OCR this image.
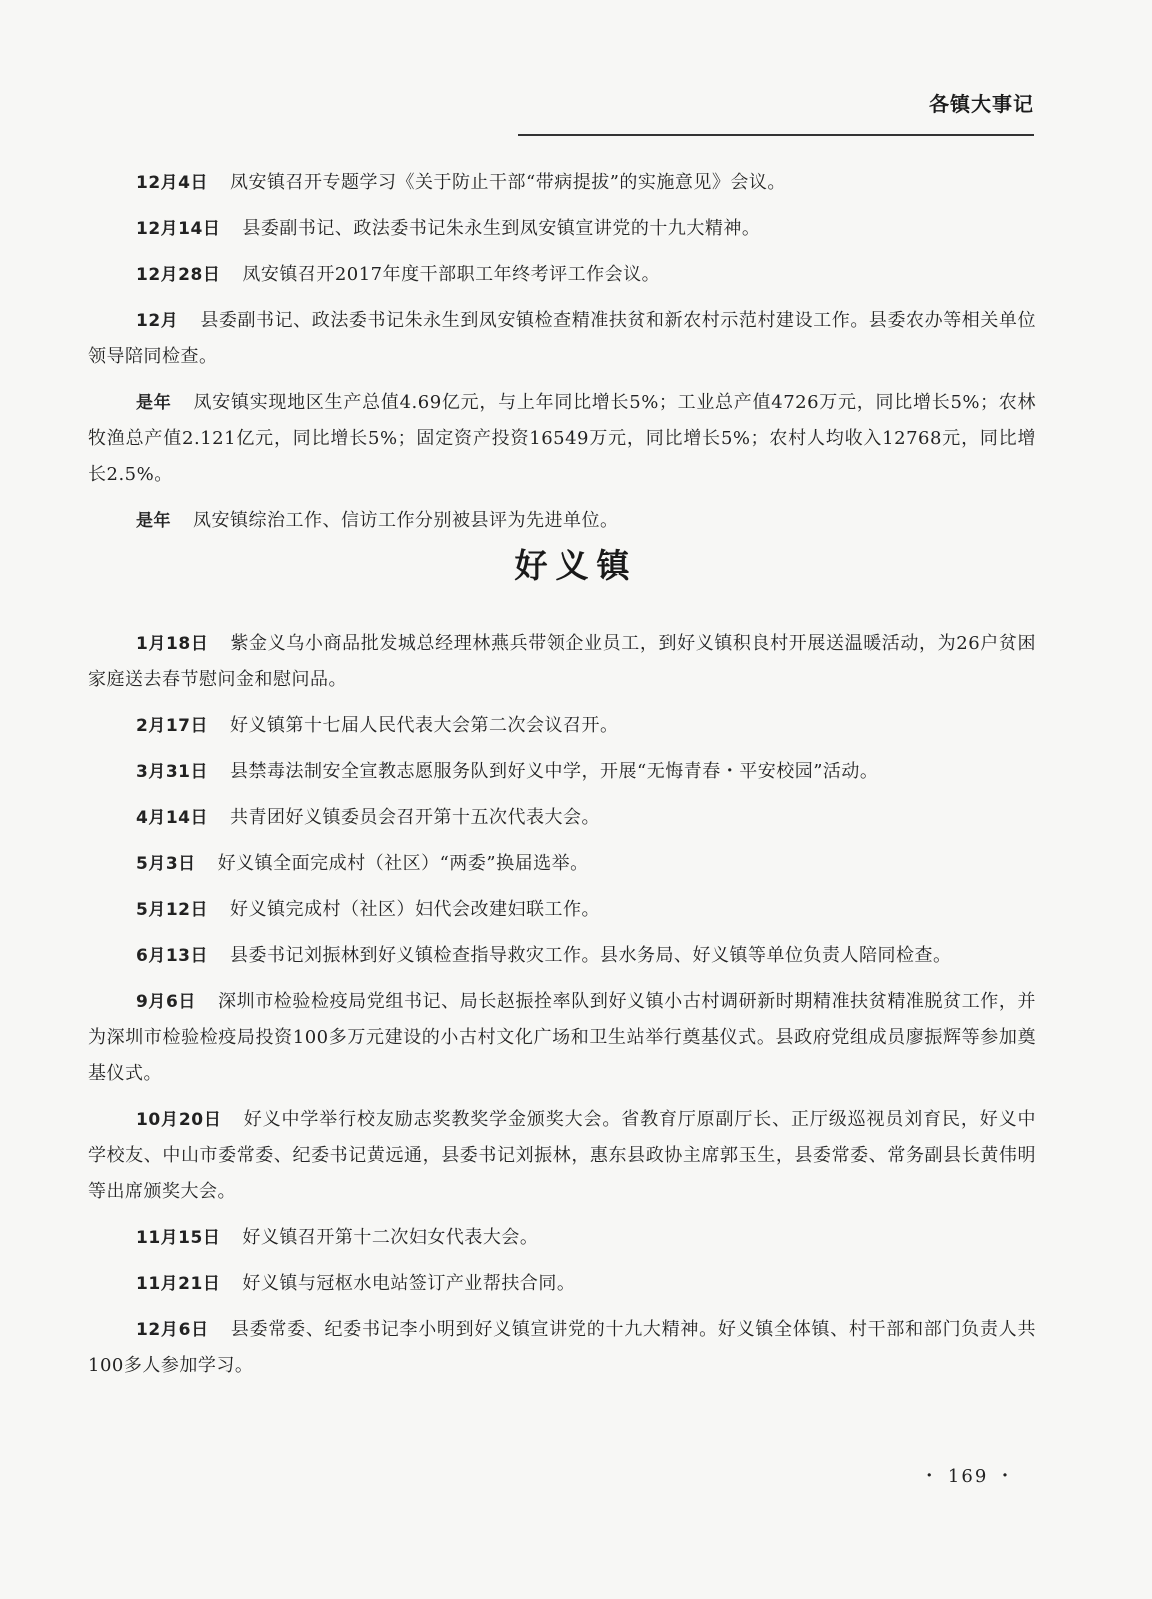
各镇大事记

12月4日 凤安镇召开专题学习《关于防止干部“带病提拔”的实施意见》会议。

12月14日 县委副书记、政法委书记朱永生到凤安镇宣讲党的十九大精神。

12月28日 凤安镇召开2017年度干部职工年终考评工作会议。

12月 县委副书记、政法委书记朱永生到凤安镇检查精准扶贫和新农村示范村建设工作。县委农办等相关单位领导陪同检查。

是年 凤安镇实现地区生产总值4.69亿元，与上年同比增长5%；工业总产值4726万元，同比增长5%；农林牧渔总产值2.121亿元，同比增长5%；固定资产投资16549万元，同比增长5%；农村人均收入12768元，同比增长2.5%。

是年 凤安镇综治工作、信访工作分别被县评为先进单位。

好义镇

1月18日 紫金义乌小商品批发城总经理林燕兵带领企业员工，到好义镇积良村开展送温暖活动，为26户贫困家庭送去春节慰问金和慰问品。

2月17日 好义镇第十七届人民代表大会第二次会议召开。

3月31日 县禁毒法制安全宣教志愿服务队到好义中学，开展“无悔青春・平安校园”活动。

4月14日 共青团好义镇委员会召开第十五次代表大会。

5月3日 好义镇全面完成村（社区）“两委”换届选举。

5月12日 好义镇完成村（社区）妇代会改建妇联工作。

6月13日 县委书记刘振林到好义镇检查指导救灾工作。县水务局、好义镇等单位负责人陪同检查。

9月6日 深圳市检验检疫局党组书记、局长赵振拴率队到好义镇小古村调研新时期精准扶贫精准脱贫工作，并为深圳市检验检疫局投资100多万元建设的小古村文化广场和卫生站举行奠基仪式。县政府党组成员廖振辉等参加奠基仪式。

10月20日 好义中学举行校友励志奖教奖学金颁奖大会。省教育厅原副厅长、正厅级巡视员刘育民，好义中学校友、中山市委常委、纪委书记黄远通，县委书记刘振林，惠东县政协主席郭玉生，县委常委、常务副县长黄伟明等出席颁奖大会。

11月15日 好义镇召开第十二次妇女代表大会。

11月21日 好义镇与冠枢水电站签订产业帮扶合同。

12月6日 县委常委、纪委书记李小明到好义镇宣讲党的十九大精神。好义镇全体镇、村干部和部门负责人共100多人参加学习。

・ 169 ・
